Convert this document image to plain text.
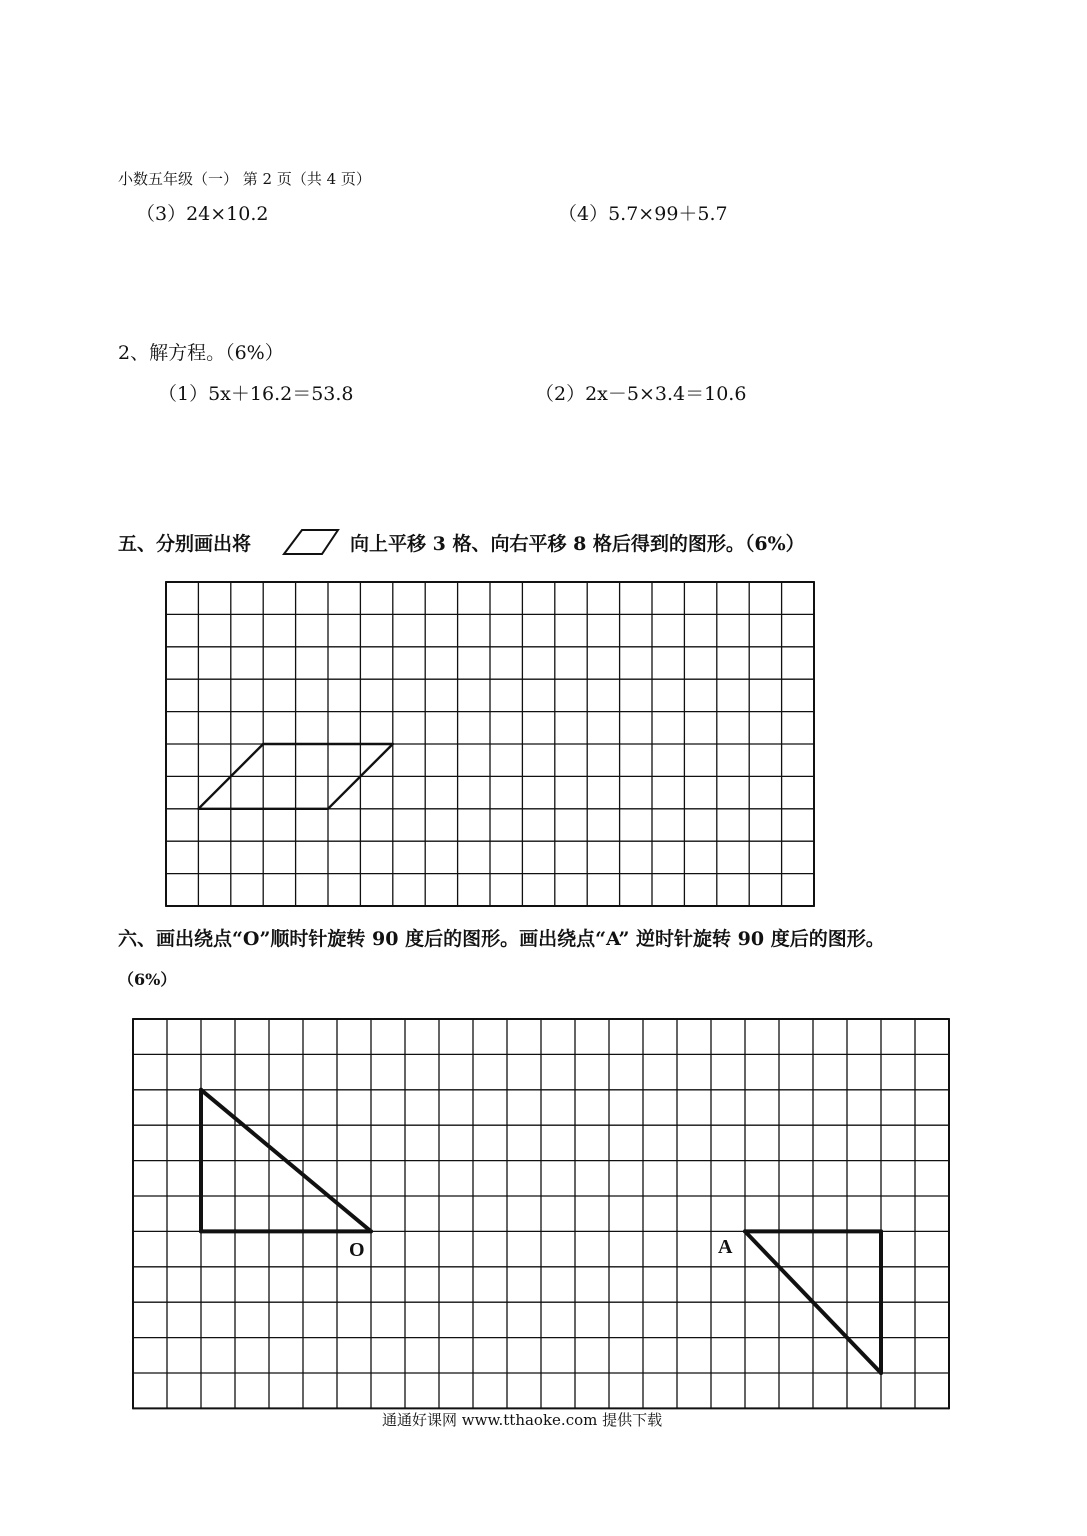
小数五年级（一） 第 2 页（共 4 页）
（3）24×10.2	（4）5.7×99＋5.7
2、解方程。（6%）
（1）5x＋16.2＝53.8	（2）2x－5×3.4＝10.6
五、分别画出将	向上平移 3 格、向右平移 8 格后得到的图形。（6%）
六、画出绕点“O”顺时针旋转 90 度后的图形。画出绕点“A” 逆时针旋转 90 度后的图形。
（6%）
O	A
通通好课网 www.tthaoke.com 提供下载
